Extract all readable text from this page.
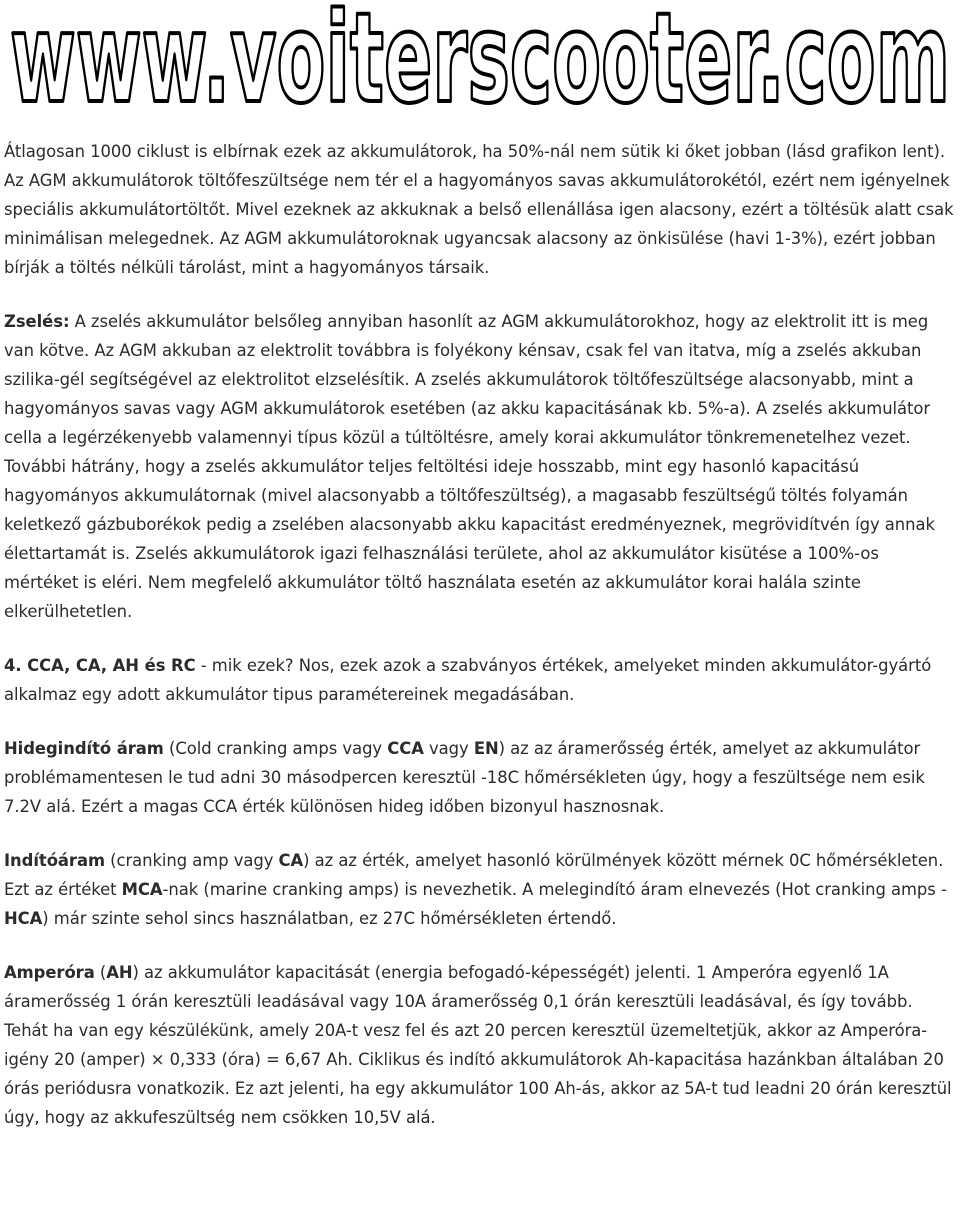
www.voiterscooter.com

Átlagosan 1000 ciklust is elbírnak ezek az akkumulátorok, ha 50%-nál nem sütik ki őket jobban (lásd grafikon lent). Az AGM akkumulátorok töltőfeszültsége nem tér el a hagyományos savas akkumulátorokétól, ezért nem igényelnek speciális akkumulátortöltőt. Mivel ezeknek az akkuknak a belső ellenállása igen alacsony, ezért a töltésük alatt csak minimálisan melegednek. Az AGM akkumulátoroknak ugyancsak alacsony az önkisülése (havi 1-3%), ezért jobban bírják a töltés nélküli tárolást, mint a hagyományos társaik.

Zselés: A zselés akkumulátor belsőleg annyiban hasonlít az AGM akkumulátorokhoz, hogy az elektrolit itt is meg van kötve. Az AGM akkuban az elektrolit továbbra is folyékony kénsav, csak fel van itatva, míg a zselés akkuban szilika-gél segítségével az elektrolitot elzselésítik. A zselés akkumulátorok töltőfeszültsége alacsonyabb, mint a hagyományos savas vagy AGM akkumulátorok esetében (az akku kapacitásának kb. 5%-a). A zselés akkumulátor cella a legérzékenyebb valamennyi típus közül a túltöltésre, amely korai akkumulátor tönkremenetelhez vezet. További hátrány, hogy a zselés akkumulátor teljes feltöltési ideje hosszabb, mint egy hasonló kapacitású hagyományos akkumulátornak (mivel alacsonyabb a töltőfeszültség), a magasabb feszültségű töltés folyamán keletkező gázbuborékok pedig a zselében alacsonyabb akku kapacitást eredményeznek, megrövidítvén így annak élettartamát is. Zselés akkumulátorok igazi felhasználási területe, ahol az akkumulátor kisütése a 100%-os mértéket is eléri. Nem megfelelő akkumulátor töltő használata esetén az akkumulátor korai halála szinte elkerülhetetlen.

4. CCA, CA, AH és RC - mik ezek? Nos, ezek azok a szabványos értékek, amelyeket minden akkumulátor-gyártó alkalmaz egy adott akkumulátor tipus paramétereinek megadásában.

Hidegindító áram (Cold cranking amps vagy CCA vagy EN) az az áramerősség érték, amelyet az akkumulátor problémamentesen le tud adni 30 másodpercen keresztül -18C hőmérsékleten úgy, hogy a feszültsége nem esik 7.2V alá. Ezért a magas CCA érték különösen hideg időben bizonyul hasznosnak.

Indítóáram (cranking amp vagy CA) az az érték, amelyet hasonló körülmények között mérnek 0C hőmérsékleten. Ezt az értéket MCA-nak (marine cranking amps) is nevezhetik. A melegindító áram elnevezés (Hot cranking amps - HCA) már szinte sehol sincs használatban, ez 27C hőmérsékleten értendő.

Amperóra (AH) az akkumulátor kapacitását (energia befogadó-képességét) jelenti. 1 Amperóra egyenlő 1A áramerősség 1 órán keresztüli leadásával vagy 10A áramerősség 0,1 órán keresztüli leadásával, és így tovább. Tehát ha van egy készülékünk, amely 20A-t vesz fel és azt 20 percen keresztül üzemeltetjük, akkor az Amperóra-igény 20 (amper) × 0,333 (óra) = 6,67 Ah. Ciklikus és indító akkumulátorok Ah-kapacitása hazánkban általában 20 órás periódusra vonatkozik. Ez azt jelenti, ha egy akkumulátor 100 Ah-ás, akkor az 5A-t tud leadni 20 órán keresztül úgy, hogy az akkufeszültség nem csökken 10,5V alá.
